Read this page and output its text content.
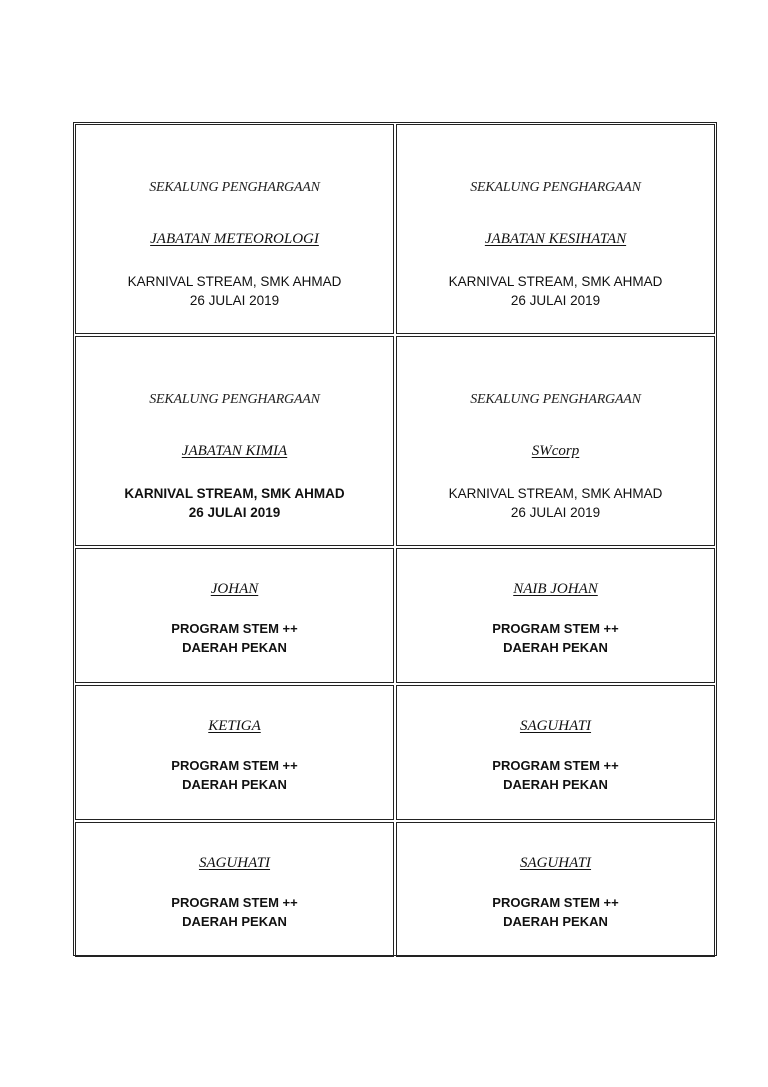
SEKALUNG PENGHARGAAN
JABATAN METEOROLOGI
KARNIVAL STREAM, SMK AHMAD
26 JULAI 2019
SEKALUNG PENGHARGAAN
JABATAN KESIHATAN
KARNIVAL STREAM, SMK AHMAD
26 JULAI 2019
SEKALUNG PENGHARGAAN
JABATAN KIMIA
KARNIVAL STREAM, SMK AHMAD
26 JULAI 2019
SEKALUNG PENGHARGAAN
SWcorp
KARNIVAL STREAM, SMK AHMAD
26 JULAI 2019
JOHAN
PROGRAM STEM ++
DAERAH PEKAN
NAIB JOHAN
PROGRAM STEM ++
DAERAH PEKAN
KETIGA
PROGRAM STEM ++
DAERAH PEKAN
SAGUHATI
PROGRAM STEM ++
DAERAH PEKAN
SAGUHATI
PROGRAM STEM ++
DAERAH PEKAN
SAGUHATI
PROGRAM STEM ++
DAERAH PEKAN
